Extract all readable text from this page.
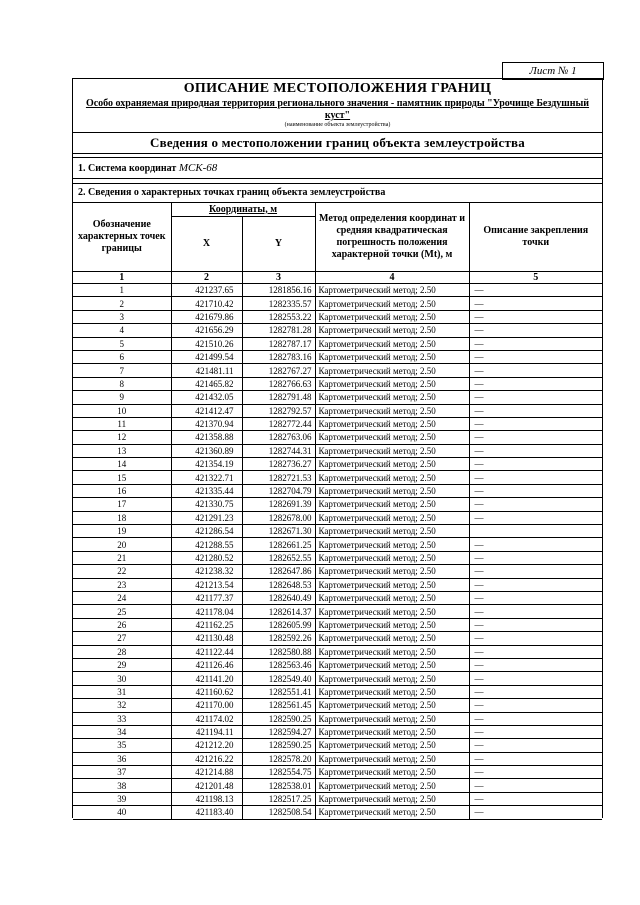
Лист № 1
ОПИСАНИЕ МЕСТОПОЛОЖЕНИЯ ГРАНИЦ
Особо охраняемая природная территория регионального значения - памятник природы "Урочище Бездушный куст"
(наименование объекта землеустройства)
Сведения о местоположении границ объекта землеустройства
1. Система координат МСК-68
2. Сведения о характерных точках границ объекта землеустройства
Обозначение характерных точек границы	Координаты, м		Метод определения координат и средняя квадратическая погрешность положения характерной точки (Mt), м	Описание закрепления точки
	X	Y		
1	2	3	4	5
1	421237.65	1281856.16	Картометрический метод; 2.50	—
2	421710.42	1282335.57	Картометрический метод; 2.50	—
3	421679.86	1282553.22	Картометрический метод; 2.50	—
4	421656.29	1282781.28	Картометрический метод; 2.50	—
5	421510.26	1282787.17	Картометрический метод; 2.50	—
6	421499.54	1282783.16	Картометрический метод; 2.50	—
7	421481.11	1282767.27	Картометрический метод; 2.50	—
8	421465.82	1282766.63	Картометрический метод; 2.50	—
9	421432.05	1282791.48	Картометрический метод; 2.50	—
10	421412.47	1282792.57	Картометрический метод; 2.50	—
11	421370.94	1282772.44	Картометрический метод; 2.50	—
12	421358.88	1282763.06	Картометрический метод; 2.50	—
13	421360.89	1282744.31	Картометрический метод; 2.50	—
14	421354.19	1282736.27	Картометрический метод; 2.50	—
15	421322.71	1282721.53	Картометрический метод; 2.50	—
16	421335.44	1282704.79	Картометрический метод; 2.50	—
17	421330.75	1282691.39	Картометрический метод; 2.50	—
18	421291.23	1282678.00	Картометрический метод; 2.50	—
19	421286.54	1282671.30	Картометрический метод; 2.50	
20	421288.55	1282661.25	Картометрический метод; 2.50	—
21	421280.52	1282652.55	Картометрический метод; 2.50	—
22	421238.32	1282647.86	Картометрический метод; 2.50	—
23	421213.54	1282648.53	Картометрический метод; 2.50	—
24	421177.37	1282640.49	Картометрический метод; 2.50	—
25	421178.04	1282614.37	Картометрический метод; 2.50	—
26	421162.25	1282605.99	Картометрический метод; 2.50	—
27	421130.48	1282592.26	Картометрический метод; 2.50	—
28	421122.44	1282580.88	Картометрический метод; 2.50	—
29	421126.46	1282563.46	Картометрический метод; 2.50	—
30	421141.20	1282549.40	Картометрический метод; 2.50	—
31	421160.62	1282551.41	Картометрический метод; 2.50	—
32	421170.00	1282561.45	Картометрический метод; 2.50	—
33	421174.02	1282590.25	Картометрический метод; 2.50	—
34	421194.11	1282594.27	Картометрический метод; 2.50	—
35	421212.20	1282590.25	Картометрический метод; 2.50	—
36	421216.22	1282578.20	Картометрический метод; 2.50	—
37	421214.88	1282554.75	Картометрический метод; 2.50	—
38	421201.48	1282538.01	Картометрический метод; 2.50	—
39	421198.13	1282517.25	Картометрический метод; 2.50	—
40	421183.40	1282508.54	Картометрический метод; 2.50	—
